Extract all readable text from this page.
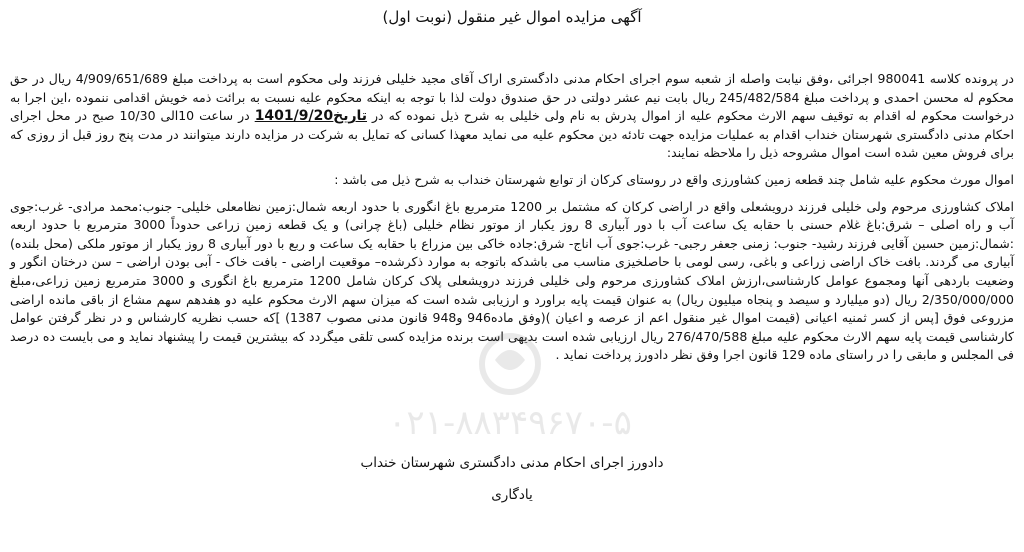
آگهی مزایده اموال غیر منقول (نوبت اول)

در پرونده کلاسه 980041 اجرائی ،وفق نیابت واصله از شعبه سوم اجرای احکام مدنی دادگستری اراک آقای مجید خلیلی فرزند ولی محکوم است به پرداخت مبلغ 4/909/651/689 ریال در حق محکوم له محسن احمدی و پرداخت مبلغ 245/482/584 ریال بابت نیم عشر دولتی در حق صندوق دولت لذا با توجه به اینکه محکوم علیه نسبت به برائت ذمه خویش اقدامی ننموده ،این اجرا به درخواست محکوم له اقدام به توقیف سهم الارث محکوم علیه از اموال پدرش به نام ولی خلیلی به شرح ذیل نموده که در تاریخ1401/9/20 در ساعت 10الی 10/30 صبح در محل اجرای احکام مدنی دادگستری شهرستان خنداب اقدام به عملیات مزایده جهت تادئه دین محکوم علیه می نماید معهذا کسانی که تمایل به شرکت در مزایده دارند میتوانند در مدت پنج روز قبل از روزی که برای فروش معین شده است اموال مشروحه ذیل را ملاحظه نمایند:

اموال مورث محکوم علیه شامل چند قطعه زمین کشاورزی واقع در روستای کرکان از توابع شهرستان خنداب به شرح ذیل می باشد :

املاک کشاورزی مرحوم ولی خلیلی فرزند درویشعلی واقع در اراضی کرکان که مشتمل بر 1200 مترمربع باغ انگوری با حدود اربعه شمال:زمین نظامعلی خلیلی- جنوب:محمد مرادی- غرب:جوی آب و راه اصلی – شرق:باغ غلام حسنی با حقابه یک ساعت آب با دور آبیاری 8 روز یکبار از موتور نظام خلیلی (باغ چرانی) و یک قطعه زمین زراعی حدوداً 3000 مترمربع با حدود اربعه :شمال:زمین حسین آقایی فرزند رشید- جنوب: زمنی جعفر رجبی- غرب:جوی آب اناج- شرق:جاده خاکی بین مزراع با حقابه یک ساعت و ربع با دور آبیاری 8 روز یکبار از موتور ملکی (محل بلنده) آبیاری می گردند. بافت خاک اراضی زراعی و باغی، رسی لومی با حاصلخیزی مناسب می باشدکه باتوجه به موارد ذکرشده– موقعیت اراضی - بافت خاک - آبی بودن اراضی – سن درختان انگور و وضعیت باردهی آنها ومجموع عوامل کارشناسی،ارزش املاک کشاورزی مرحوم ولی خلیلی فرزند درویشعلی پلاک کرکان شامل 1200 مترمربع باغ انگوری و 3000 مترمربع زمین زراعی،مبلغ 2/350/000/000 ریال (دو میلیارد و سیصد و پنجاه میلیون ریال) به عنوان قیمت پایه براورد و ارزیابی شده است که میزان سهم الارث محکوم علیه دو هفدهم سهم مشاع از باقی مانده اراضی مزروعی فوق [پس از کسر ثمنیه اعیانی (قیمت اموال غیر منقول اعم از عرصه و اعیان )(وفق ماده946 و948 قانون مدنی مصوب 1387) ]که حسب نظریه کارشناس و در نظر گرفتن عوامل کارشناسی قیمت پایه سهم الارث محکوم علیه مبلغ 276/470/588 ریال ارزیابی شده است بدیهی است برنده مزایده کسی تلقی میگردد که بیشترین قیمت را پیشنهاد نماید و می بایست ده درصد فی المجلس و مابقی را در راستای ماده 129 قانون اجرا وفق نظر دادورز پرداخت نماید .

۰۲۱-۸۸۳۴۹۶۷۰-۵
دادورز اجرای احکام مدنی دادگستری شهرستان خنداب
یادگاری
